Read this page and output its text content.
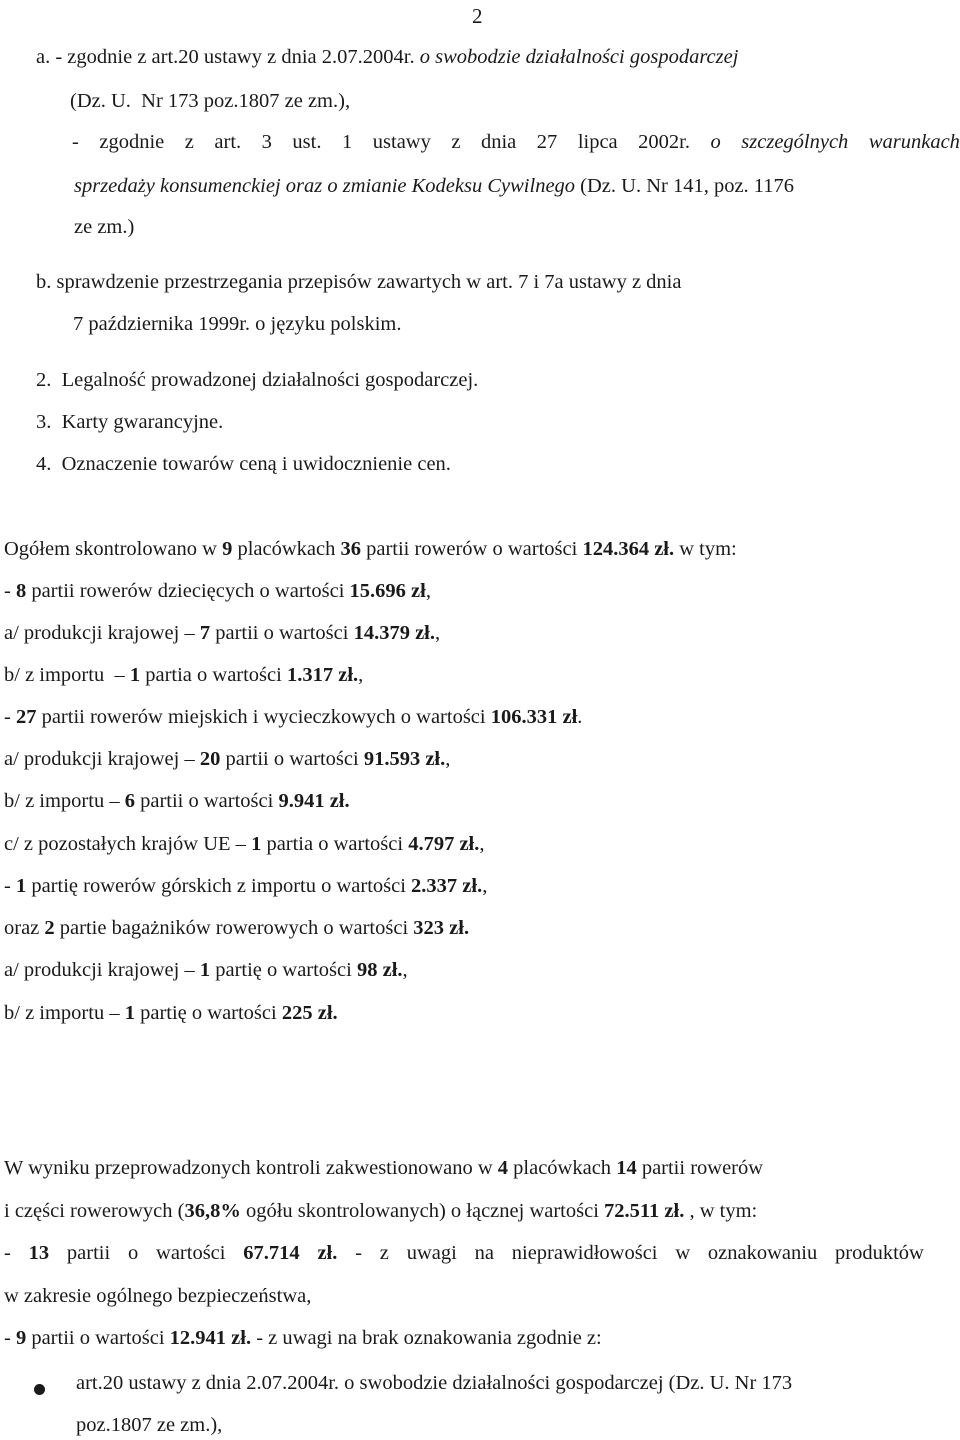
2
a. - zgodnie z art.20 ustawy z dnia 2.07.2004r. o swobodzie działalności gospodarczej
(Dz. U.  Nr 173 poz.1807 ze zm.),
- zgodnie z art. 3 ust. 1 ustawy z dnia 27 lipca 2002r. o szczególnych warunkach
sprzedaży konsumenckiej oraz o zmianie Kodeksu Cywilnego (Dz. U. Nr 141, poz. 1176
ze zm.)
b. sprawdzenie przestrzegania przepisów zawartych w art. 7 i 7a ustawy z dnia
7 października 1999r. o języku polskim.
2.  Legalność prowadzonej działalności gospodarczej.
3.  Karty gwarancyjne.
4.  Oznaczenie towarów ceną i uwidocznienie cen.
Ogółem skontrolowano w 9 placówkach 36 partii rowerów o wartości 124.364 zł. w tym:
- 8 partii rowerów dziecięcych o wartości 15.696 zł,
a/ produkcji krajowej – 7 partii o wartości 14.379 zł.,
b/ z importu  – 1 partia o wartości 1.317 zł.,
- 27 partii rowerów miejskich i wycieczkowych o wartości 106.331 zł.
a/ produkcji krajowej – 20 partii o wartości 91.593 zł.,
b/ z importu – 6 partii o wartości 9.941 zł.
c/ z pozostałych krajów UE – 1 partia o wartości 4.797 zł.,
- 1 partię rowerów górskich z importu o wartości 2.337 zł.,
oraz 2 partie bagażników rowerowych o wartości 323 zł.
a/ produkcji krajowej – 1 partię o wartości 98 zł.,
b/ z importu – 1 partię o wartości 225 zł.
W wyniku przeprowadzonych kontroli zakwestionowano w 4 placówkach 14 partii rowerów
i części rowerowych (36,8% ogółu skontrolowanych) o łącznej wartości 72.511 zł. , w tym:
- 13 partii o wartości 67.714 zł. - z uwagi na nieprawidłowości w oznakowaniu produktów
w zakresie ogólnego bezpieczeństwa,
- 9 partii o wartości 12.941 zł. - z uwagi na brak oznakowania zgodnie z:
art.20 ustawy z dnia 2.07.2004r. o swobodzie działalności gospodarczej (Dz. U. Nr 173
poz.1807 ze zm.),
